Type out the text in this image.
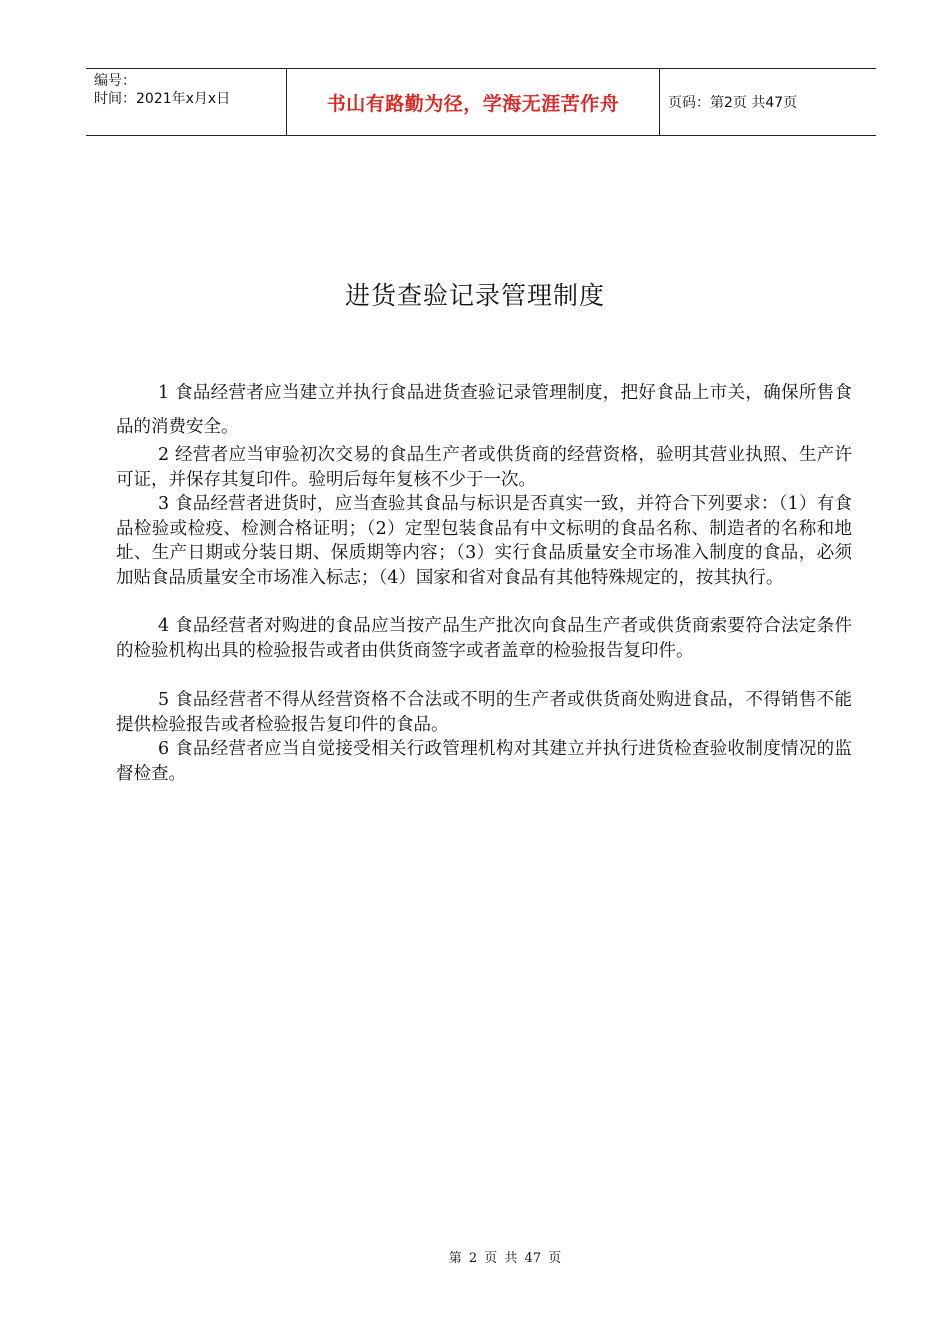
编号：
时间：2021年x月x日	书山有路勤为径，学海无涯苦作舟	页码：第2页 共47页
进货查验记录管理制度

1 食品经营者应当建立并执行食品进货查验记录管理制度，把好食品上市关，确保所售食品的消费安全。

2 经营者应当审验初次交易的食品生产者或供货商的经营资格，验明其营业执照、生产许可证，并保存其复印件。验明后每年复核不少于一次。

3 食品经营者进货时，应当查验其食品与标识是否真实一致，并符合下列要求：（1）有食品检验或检疫、检测合格证明；（2）定型包装食品有中文标明的食品名称、制造者的名称和地址、生产日期或分装日期、保质期等内容；（3）实行食品质量安全市场准入制度的食品，必须加贴食品质量安全市场准入标志；（4）国家和省对食品有其他特殊规定的，按其执行。

4 食品经营者对购进的食品应当按产品生产批次向食品生产者或供货商索要符合法定条件的检验机构出具的检验报告或者由供货商签字或者盖章的检验报告复印件。

5 食品经营者不得从经营资格不合法或不明的生产者或供货商处购进食品，不得销售不能提供检验报告或者检验报告复印件的食品。

6 食品经营者应当自觉接受相关行政管理机构对其建立并执行进货检查验收制度情况的监督检查。

第 2 页 共 47 页
